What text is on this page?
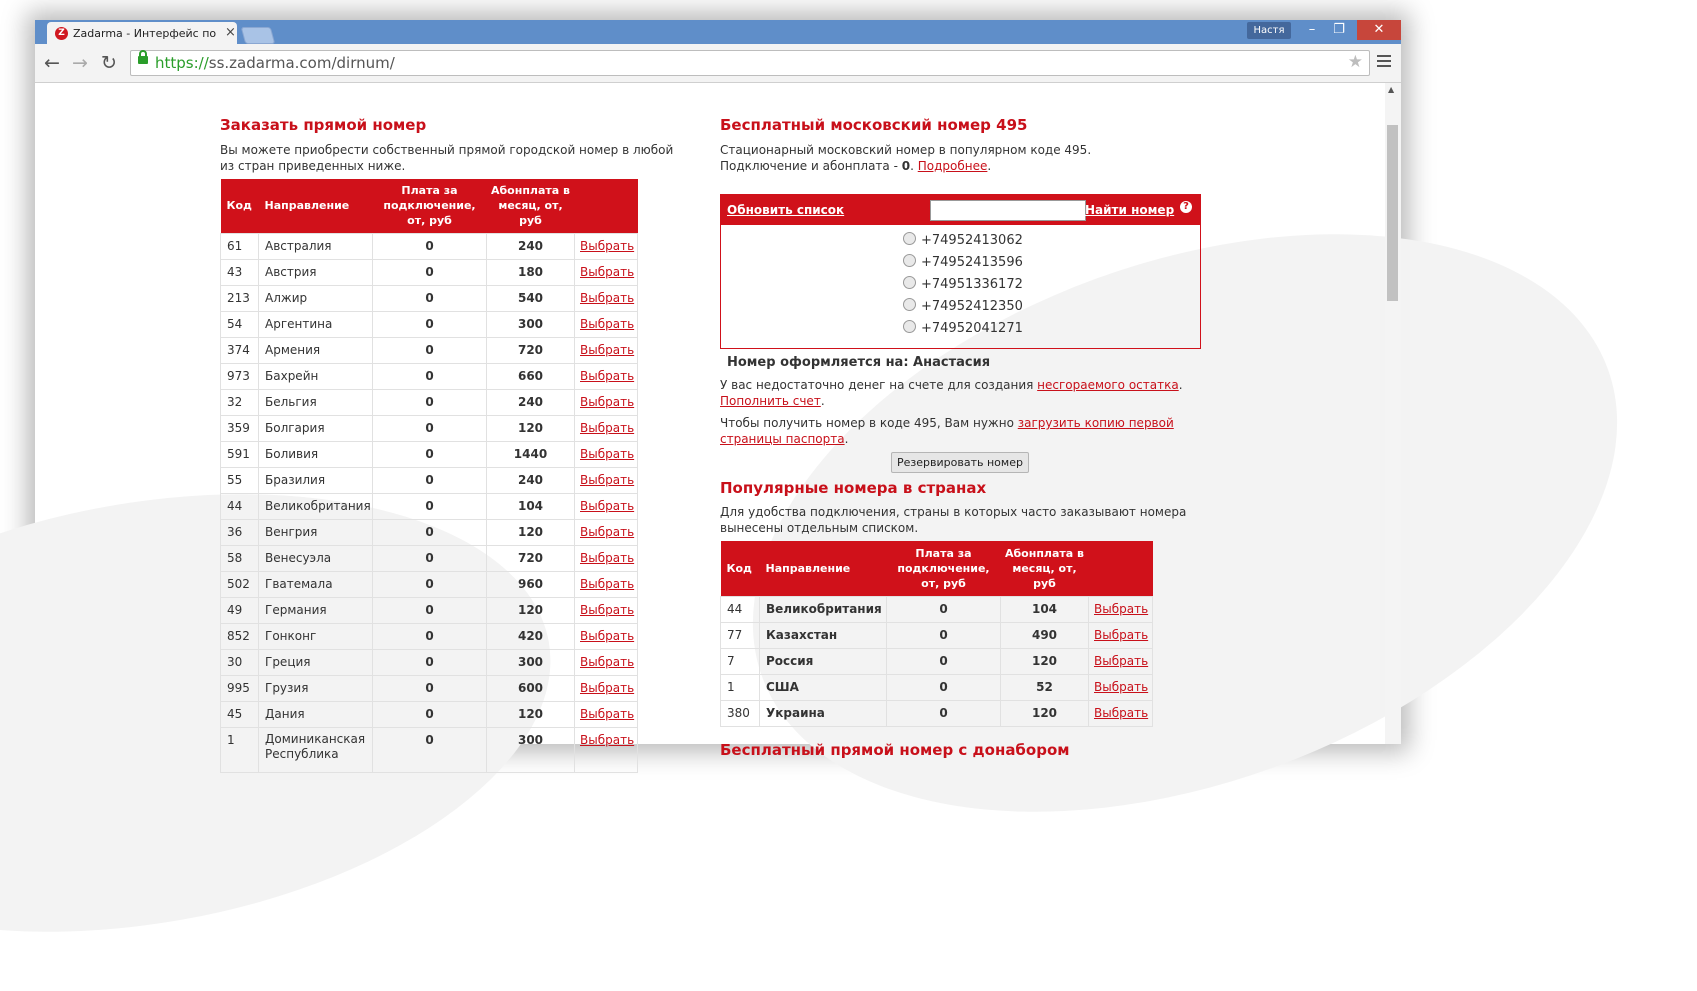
Z Zadarma - Интерфейс по ×	Настя	–	❐	✕
← → ↻	https://ss.zadarma.com/dirnum/	★
Заказать прямой номер
Вы можете приобрести собственный прямой городской номер в любой из стран приведенных ниже.
Код	Направление	Плата за подключение, от, руб	Абонплата в месяц, от, руб	
61	Австралия	0	240	Выбрать
43	Австрия	0	180	Выбрать
213	Алжир	0	540	Выбрать
54	Аргентина	0	300	Выбрать
374	Армения	0	720	Выбрать
973	Бахрейн	0	660	Выбрать
32	Бельгия	0	240	Выбрать
359	Болгария	0	120	Выбрать
591	Боливия	0	1440	Выбрать
55	Бразилия	0	240	Выбрать
44	Великобритания	0	104	Выбрать
36	Венгрия	0	120	Выбрать
58	Венесуэла	0	720	Выбрать
502	Гватемала	0	960	Выбрать
49	Германия	0	120	Выбрать
852	Гонконг	0	420	Выбрать
30	Греция	0	300	Выбрать
995	Грузия	0	600	Выбрать
45	Дания	0	120	Выбрать
1	Доминиканская Республика	0	300	Выбрать
Бесплатный московский номер 495
Стационарный московский номер в популярном коде 495.
Подключение и абонплата - 0. Подробнее.
Обновить список	Найти номер ?
+74952413062
+74952413596
+74951336172
+74952412350
+74952041271
Номер оформляется на: Анастасия
У вас недостаточно денег на счете для создания несгораемого остатка.
Пополнить счет.
Чтобы получить номер в коде 495, Вам нужно загрузить копию первой страницы паспорта.
Резервировать номер
Популярные номера в странах
Для удобства подключения, страны в которых часто заказывают номера вынесены отдельным списком.
Код	Направление	Плата за подключение, от, руб	Абонплата в месяц, от, руб	
44	Великобритания	0	104	Выбрать
77	Казахстан	0	490	Выбрать
7	Россия	0	120	Выбрать
1	США	0	52	Выбрать
380	Украина	0	120	Выбрать
Бесплатный прямой номер с донабором
▲
